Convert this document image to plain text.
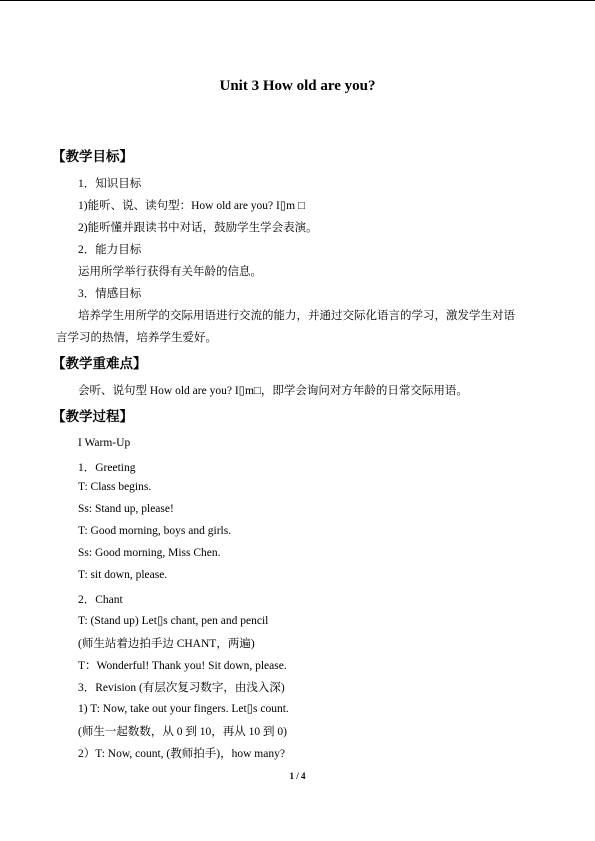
Unit 3 How old are you?
【教学目标】
1．知识目标
1)能听、说、读句型：How old are you? I▯m □
2)能听懂并跟读书中对话，鼓励学生学会表演。
2．能力目标
运用所学举行获得有关年龄的信息。
3．情感目标
培养学生用所学的交际用语进行交流的能力，并通过交际化语言的学习，激发学生对语
言学习的热情，培养学生爱好。
【教学重难点】
会听、说句型 How old are you? I▯m□，即学会询问对方年龄的日常交际用语。
【教学过程】
I Warm-Up
1．Greeting
T: Class begins.
Ss: Stand up, please!
T: Good morning, boys and girls.
Ss: Good morning, Miss Chen.
T: sit down, please.
2．Chant
T: (Stand up) Let▯s chant, pen and pencil
(师生站着边拍手边 CHANT，两遍)
T：Wonderful! Thank you! Sit down, please.
3．Revision (有层次复习数字，由浅入深)
1) T: Now, take out your fingers. Let▯s count.
(师生一起数数，从 0 到 10，再从 10 到 0)
2）T: Now, count, (教师拍手)，how many?
1 / 4
